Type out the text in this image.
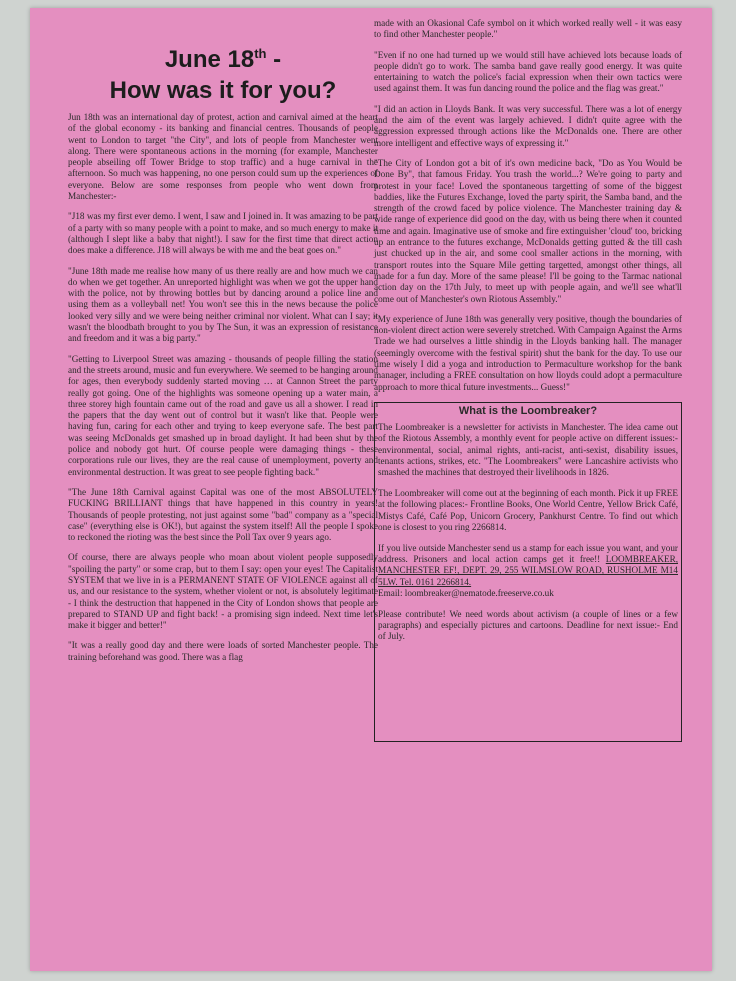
June 18th -
How was it for you?

Jun 18th was an international day of protest, action and carnival aimed at the heart of the global economy - its banking and financial centres. Thousands of people went to London to target "the City", and lots of people from Manchester went along. There were spontaneous actions in the morning (for example, Manchester people abseiling off Tower Bridge to stop traffic) and a huge carnival in the afternoon. So much was happening, no one person could sum up the experiences of everyone. Below are some responses from people who went down from Manchester:-

"J18 was my first ever demo. I went, I saw and I joined in. It was amazing to be part of a party with so many people with a point to make, and so much energy to make it (although I slept like a baby that night!). I saw for the first time that direct action does make a difference. J18 will always be with me and the beat goes on."

"June 18th made me realise how many of us there really are and how much we can do when we get together. An unreported highlight was when we got the upper hand with the police, not by throwing bottles but by dancing around a police line and using them as a volleyball net! You won't see this in the news because the police looked very silly and we were being neither criminal nor violent. What can I say; it wasn't the bloodbath brought to you by The Sun, it was an expression of resistance and freedom and it was a big party."

"Getting to Liverpool Street was amazing - thousands of people filling the station and the streets around, music and fun everywhere. We seemed to be hanging around for ages, then everybody suddenly started moving … at Cannon Street the party really got going. One of the highlights was someone opening up a water main, a three storey high fountain came out of the road and gave us all a shower. I read in the papers that the day went out of control but it wasn't like that. People were having fun, caring for each other and trying to keep everyone safe. The best part was seeing McDonalds get smashed up in broad daylight. It had been shut by the police and nobody got hurt. Of course people were damaging things - these corporations rule our lives, they are the real cause of unemployment, poverty and environmental destruction. It was great to see people fighting back."

"The June 18th Carnival against Capital was one of the most ABSOLUTELY FUCKING BRILLIANT things that have happened in this country in years! Thousands of people protesting, not just against some "bad" company as a "special case" (everything else is OK!), but against the system itself! All the people I spoke to reckoned the rioting was the best since the Poll Tax over 9 years ago.

Of course, there are always people who moan about violent people supposedly "spoiling the party" or some crap, but to them I say: open your eyes! The Capitalist SYSTEM that we live in is a PERMANENT STATE OF VIOLENCE against all of us, and our resistance to the system, whether violent or not, is absolutely legitimate - I think the destruction that happened in the City of London shows that people are prepared to STAND UP and fight back! - a promising sign indeed. Next time let's make it bigger and better!"

"It was a really good day and there were loads of sorted Manchester people. The training beforehand was good. There was a flag

made with an Okasional Cafe symbol on it which worked really well - it was easy to find other Manchester people."

"Even if no one had turned up we would still have achieved lots because loads of people didn't go to work. The samba band gave really good energy. It was quite entertaining to watch the police's facial expression when their own tactics were used against them. It was fun dancing round the police and the flag was great."

"I did an action in Lloyds Bank. It was very successful. There was a lot of energy and the aim of the event was largely achieved. I didn't quite agree with the aggression expressed through actions like the McDonalds one. There are other more intelligent and effective ways of expressing it."

"The City of London got a bit of it's own medicine back, "Do as You Would be Done By", that famous Friday. You trash the world...? We're going to party and protest in your face! Loved the spontaneous targetting of some of the biggest baddies, like the Futures Exchange, loved the party spirit, the Samba band, and the strength of the crowd faced by police violence. The Manchester training day & wide range of experience did good on the day, with us being there when it counted time and again. Imaginative use of smoke and fire extinguisher 'cloud' too, bricking up an entrance to the futures exchange, McDonalds getting gutted & the till cash just chucked up in the air, and some cool smaller actions in the morning, with transport routes into the Square Mile getting targetted, amongst other things, all made for a fun day. More of the same please! I'll be going to the Tarmac national action day on the 17th July, to meet up with people again, and we'll see what'll come out of Manchester's own Riotous Assembly."

"My experience of June 18th was generally very positive, though the boundaries of non-violent direct action were severely stretched. With Campaign Against the Arms Trade we had ourselves a little shindig in the Lloyds banking hall. The manager (seemingly overcome with the festival spirit) shut the bank for the day. To use our time wisely I did a yoga and introduction to Permaculture workshop for the bank manager, including a FREE consultation on how lloyds could adopt a permaculture approach to more thical future investments... Guess!"

What is the Loombreaker?

The Loombreaker is a newsletter for activists in Manchester. The idea came out of the Riotous Assembly, a monthly event for people active on different issues:- environmental, social, animal rights, anti-racist, anti-sexist, disability issues, tenants actions, strikes, etc. "The Loombreakers" were Lancashire activists who smashed the machines that destroyed their livelihoods in 1826.

The Loombreaker will come out at the beginning of each month. Pick it up FREE at the following places:- Frontline Books, One World Centre, Yellow Brick Café, Mistys Café, Café Pop, Unicorn Grocery, Pankhurst Centre. To find out which one is closest to you ring 2266814.

If you live outside Manchester send us a stamp for each issue you want, and your address. Prisoners and local action camps get it free!! LOOMBREAKER, MANCHESTER EF!, DEPT. 29, 255 WILMSLOW ROAD, RUSHOLME M14 5LW. Tel. 0161 2266814.
Email: loombreaker@nematode.freeserve.co.uk

Please contribute! We need words about activism (a couple of lines or a few paragraphs) and especially pictures and cartoons. Deadline for next issue:- End of July.
